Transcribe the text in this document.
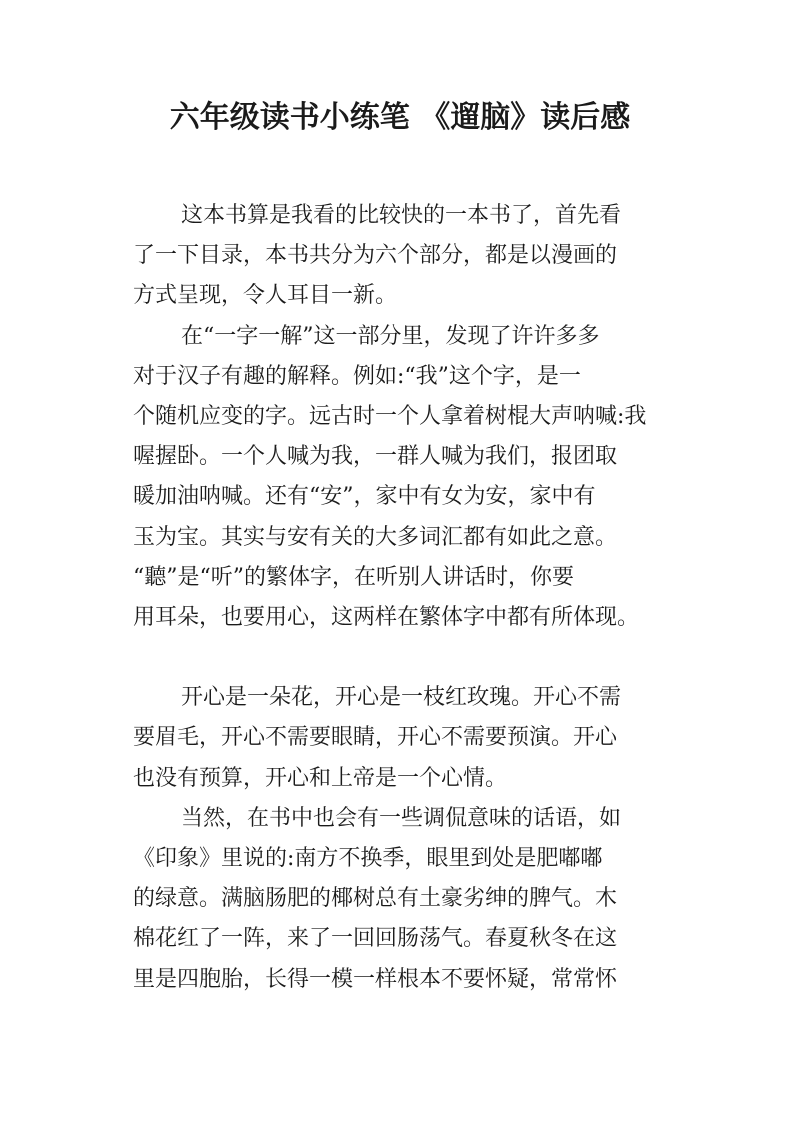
六年级读书小练笔 《遛脑》读后感

这本书算是我看的比较快的一本书了，首先看

了一下目录，本书共分为六个部分，都是以漫画的

方式呈现，令人耳目一新。

在“一字一解”这一部分里，发现了许许多多

对于汉子有趣的解释。例如:“我”这个字，是一

个随机应变的字。远古时一个人拿着树棍大声呐喊:我

喔握卧。一个人喊为我，一群人喊为我们，报团取

暖加油呐喊。还有“安”，家中有女为安，家中有

玉为宝。其实与安有关的大多词汇都有如此之意。

“聽”是“听”的繁体字，在听别人讲话时，你要

用耳朵，也要用心，这两样在繁体字中都有所体现。

开心是一朵花，开心是一枝红玫瑰。开心不需

要眉毛，开心不需要眼睛，开心不需要预演。开心

也没有预算，开心和上帝是一个心情。

当然，在书中也会有一些调侃意味的话语，如

《印象》里说的:南方不换季，眼里到处是肥嘟嘟

的绿意。满脑肠肥的椰树总有土豪劣绅的脾气。木

棉花红了一阵，来了一回回肠荡气。春夏秋冬在这

里是四胞胎，长得一模一样根本不要怀疑，常常怀
